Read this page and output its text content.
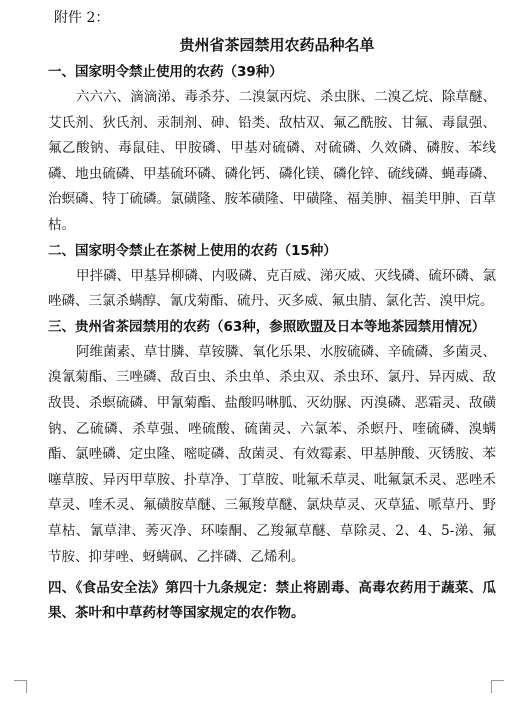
附件 2：
贵州省茶园禁用农药品种名单

一、国家明令禁止使用的农药（39种）

六六六、滴滴涕、毒杀芬、二溴氯丙烷、杀虫脒、二溴乙烷、除草醚、艾氏剂、狄氏剂、汞制剂、砷、铅类、敌枯双、氟乙酰胺、甘氟、毒鼠强、氟乙酸钠、毒鼠硅、甲胺磷、甲基对硫磷、对硫磷、久效磷、磷胺、苯线磷、地虫硫磷、甲基硫环磷、磷化钙、磷化镁、磷化锌、硫线磷、蝇毒磷、治螟磷、特丁硫磷。氯磺隆、胺苯磺隆、甲磺隆、福美胂、福美甲胂、百草枯。

二、国家明令禁止在茶树上使用的农药（15种）

甲拌磷、甲基异柳磷、内吸磷、克百威、涕灭威、灭线磷、硫环磷、氯唑磷、三氯杀螨醇、氰戊菊酯、硫丹、灭多威、氟虫腈、氯化苦、溴甲烷。

三、贵州省茶园禁用的农药（63种，参照欧盟及日本等地茶园禁用情况）

阿维菌素、草甘膦、草铵膦、氧化乐果、水胺硫磷、辛硫磷、多菌灵、溴氰菊酯、三唑磷、敌百虫、杀虫单、杀虫双、杀虫环、氯丹、异丙威、敌敌畏、杀螟硫磷、甲氰菊酯、盐酸吗啉胍、灭幼脲、丙溴磷、恶霜灵、敌磺钠、乙硫磷、杀草强、唑硫酸、硫菌灵、六氯苯、杀螟丹、喹硫磷、溴螨酯、氯唑磷、定虫隆、嘧啶磷、敌菌灵、有效霉素、甲基胂酸、灭锈胺、苯噻草胺、异丙甲草胺、扑草净、丁草胺、吡氟禾草灵、吡氟氯禾灵、恶唑禾草灵、喹禾灵、氟磺胺草醚、三氟羧草醚、氯炔草灵、灭草猛、哌草丹、野草枯、氰草津、莠灭净、环嗪酮、乙羧氟草醚、草除灵、2、4、5-涕、氟节胺、抑芽唑、蚜螨砜、乙拌磷、乙烯利。

四、《食品安全法》第四十九条规定：禁止将剧毒、高毒农药用于蔬菜、瓜果、茶叶和中草药材等国家规定的农作物。
